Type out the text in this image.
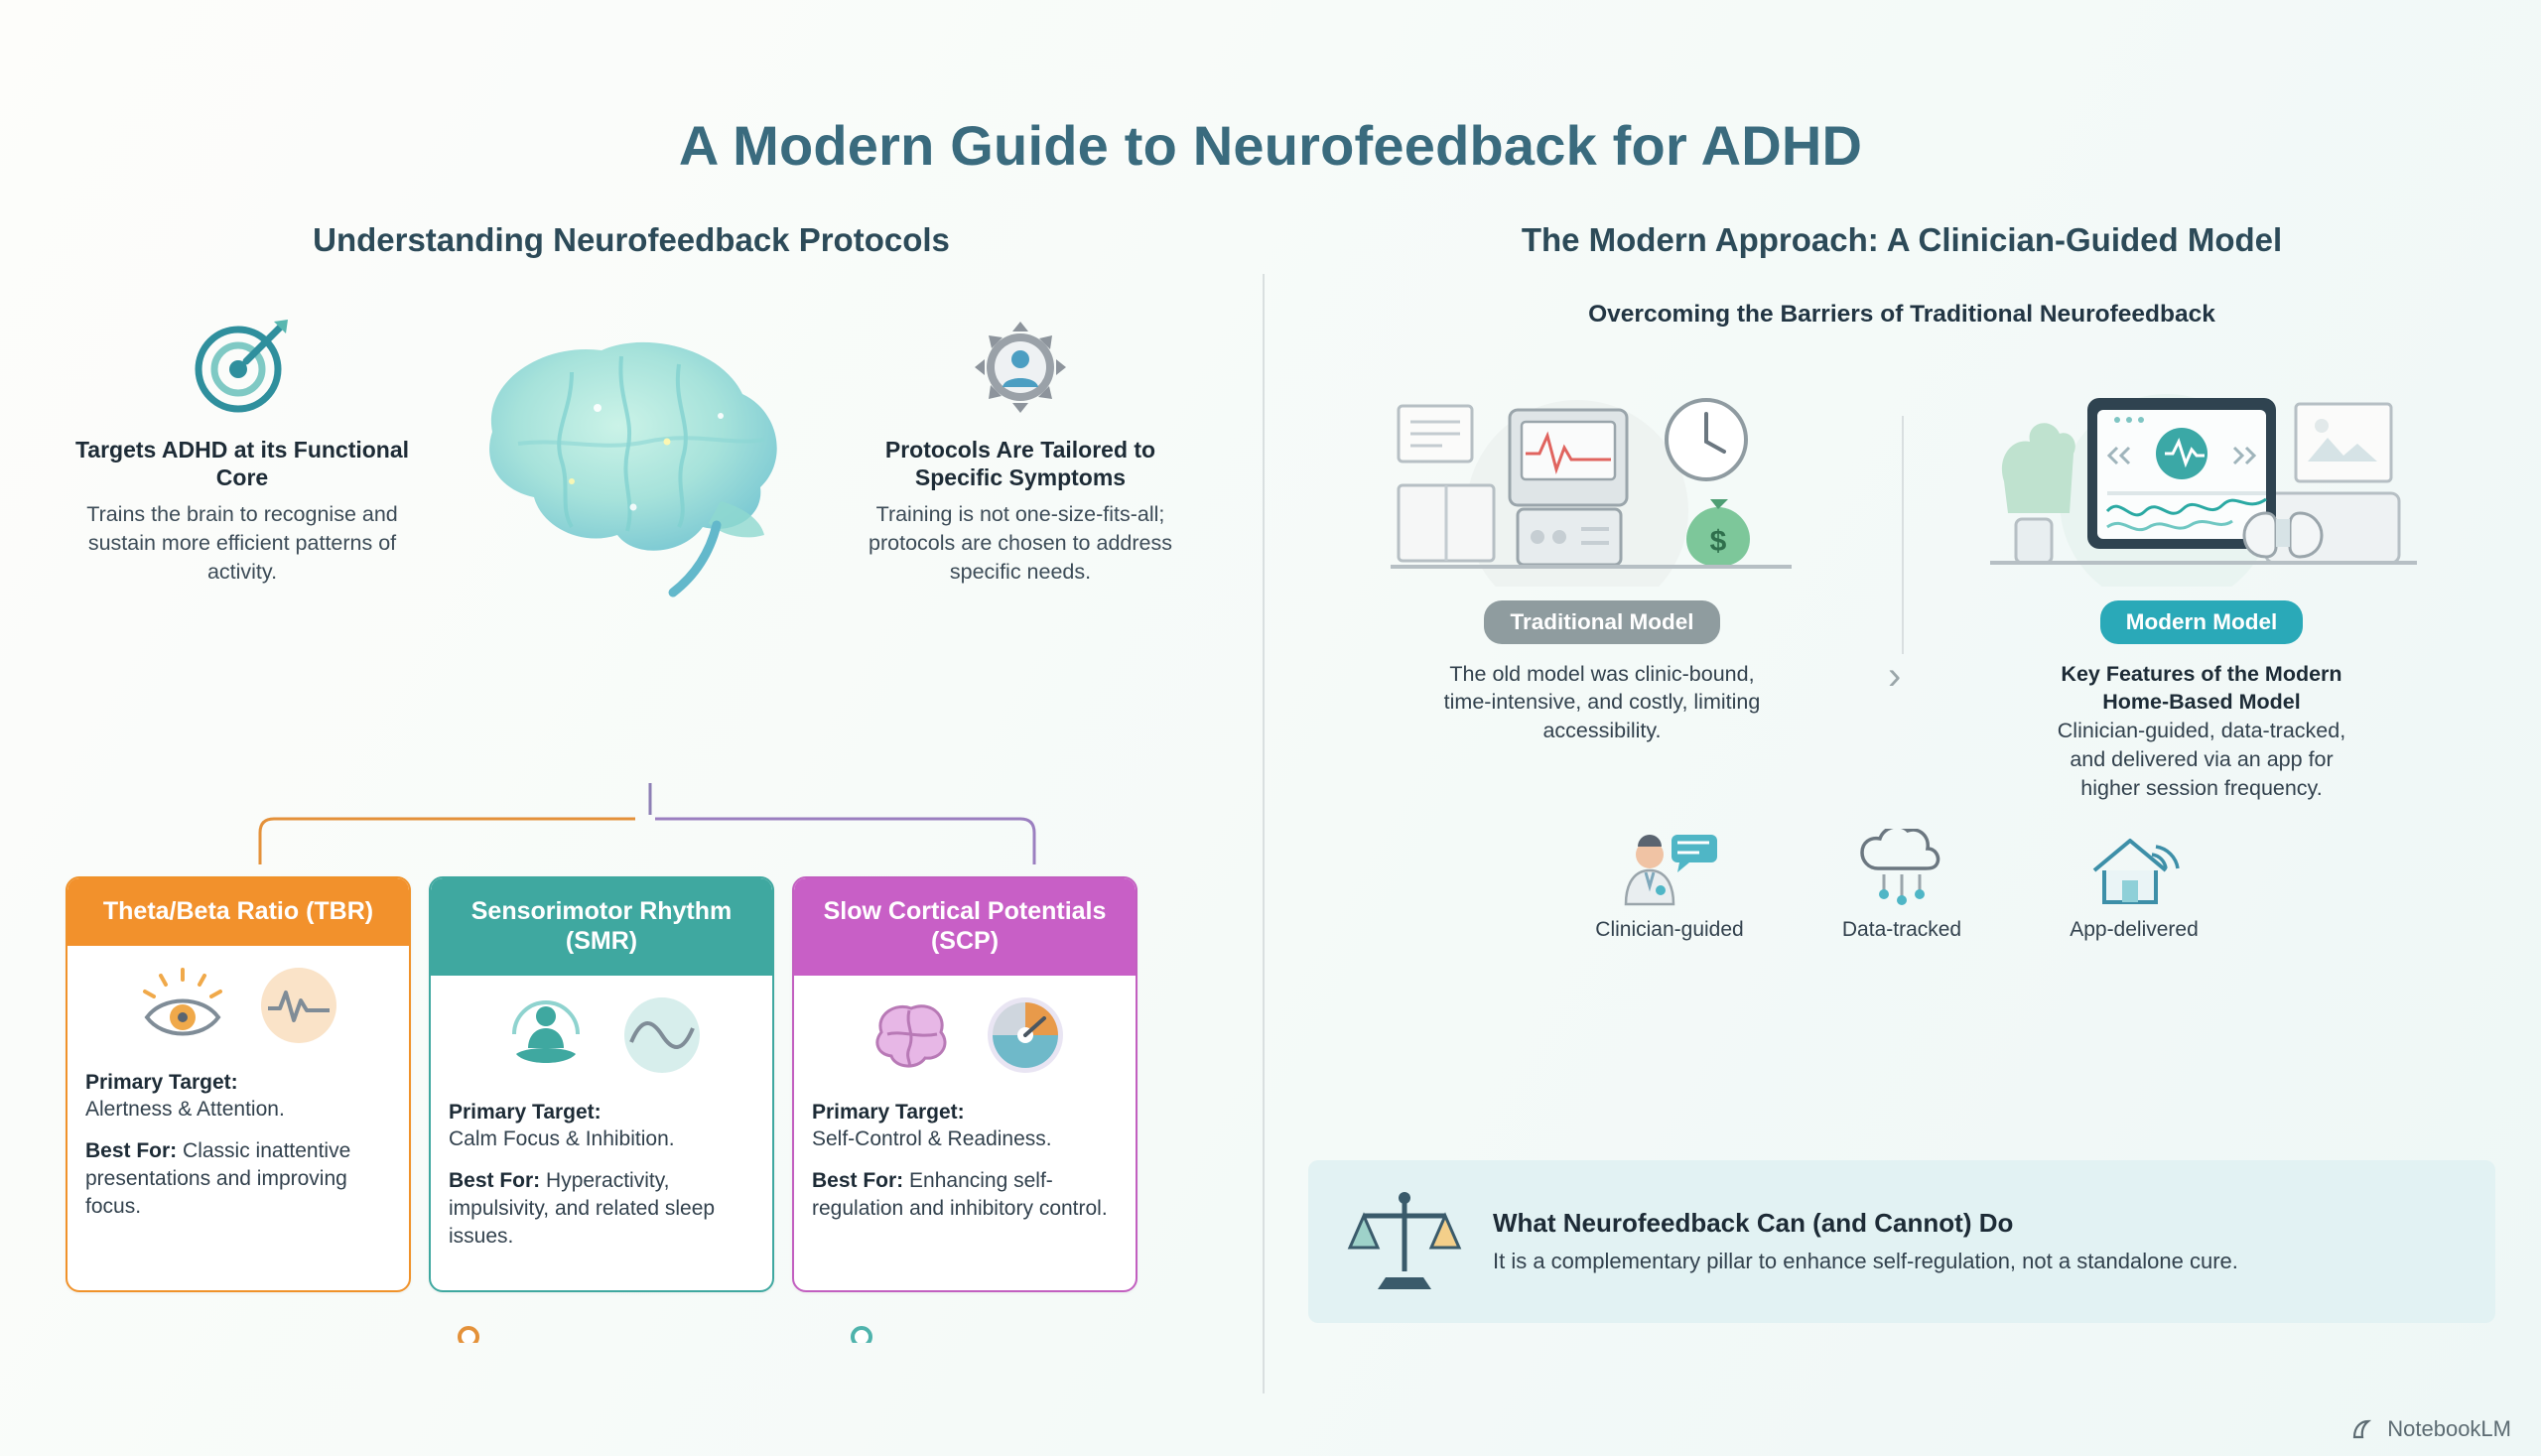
A Modern Guide to Neurofeedback for ADHD
Understanding Neurofeedback Protocols
Targets ADHD at its Functional Core

Trains the brain to recognise and sustain more efficient patterns of activity.

Protocols Are Tailored to Specific Symptoms

Training is not one-size-fits-all; protocols are chosen to address specific needs.

Theta/Beta Ratio (TBR)
Primary Target:
Alertness & Attention.
Best For: Classic inattentive presentations and improving focus.
Sensorimotor Rhythm (SMR)
Primary Target:
Calm Focus & Inhibition.
Best For: Hyperactivity, impulsivity, and related sleep issues.
Slow Cortical Potentials (SCP)
Primary Target:
Self-Control & Readiness.
Best For: Enhancing self-regulation and inhibitory control.
The Modern Approach: A Clinician-Guided Model
Overcoming the Barriers of Traditional Neurofeedback
›
$
Traditional Model

The old model was clinic-bound, time-intensive, and costly, limiting accessibility.

Modern Model

Key Features of the Modern Home-Based Model
Clinician-guided, data-tracked, and delivered via an app for higher session frequency.

Clinician-guided	Data-tracked	App-delivered
What Neurofeedback Can (and Cannot) Do

It is a complementary pillar to enhance self-regulation, not a standalone cure.

NotebookLM
